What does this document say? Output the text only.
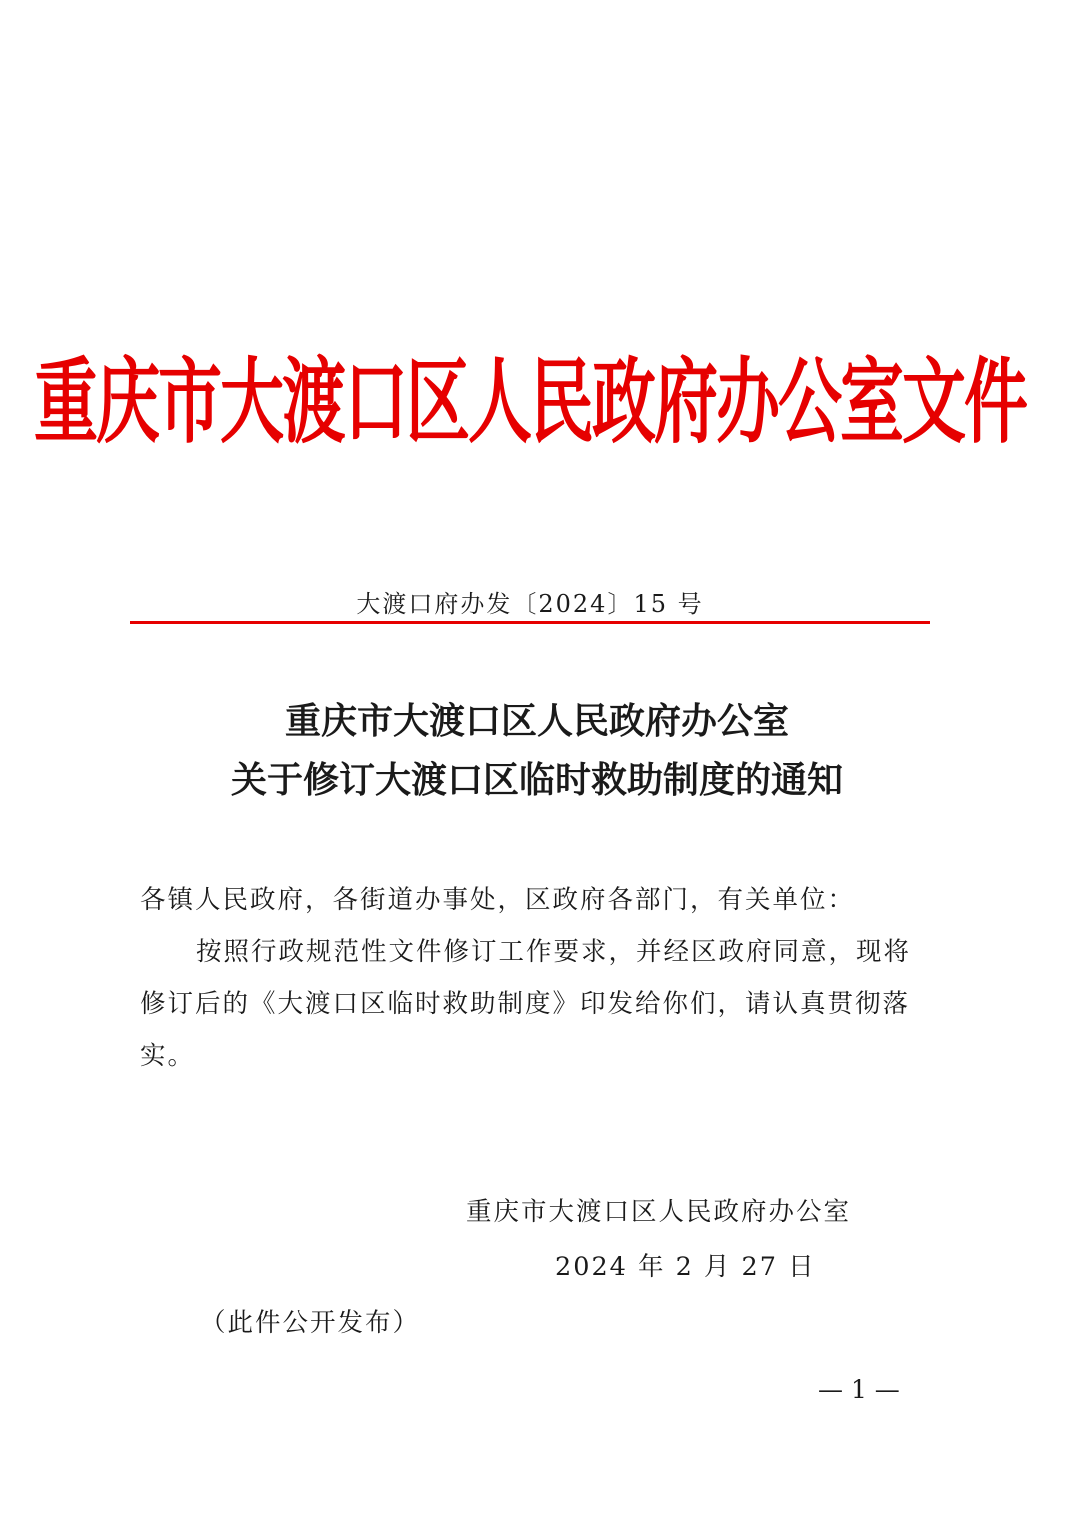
重庆市大渡口区人民政府办公室文件
大渡口府办发〔2024〕15 号
重庆市大渡口区人民政府办公室
关于修订大渡口区临时救助制度的通知
各镇人民政府，各街道办事处，区政府各部门，有关单位：
按照行政规范性文件修订工作要求，并经区政府同意，现将
修订后的《大渡口区临时救助制度》印发给你们，请认真贯彻落
实。
重庆市大渡口区人民政府办公室
2024 年 2 月 27 日
（此件公开发布）
— 1 —
